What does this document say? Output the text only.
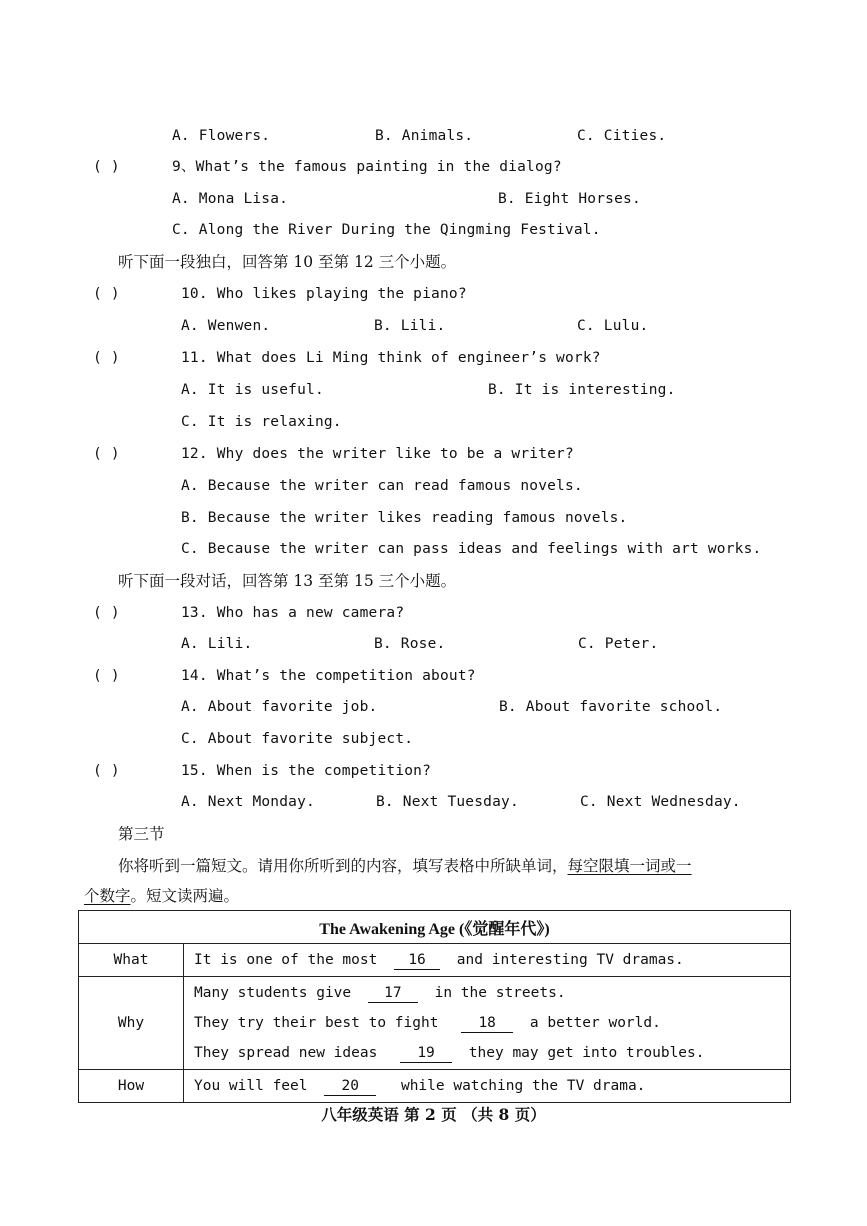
A. Flowers.	B. Animals.	C. Cities.
( )	9、What’s the famous painting in the dialog?
A. Mona Lisa.	B. Eight Horses.
C. Along the River During the Qingming Festival.
听下面一段独白，回答第 10 至第 12 三个小题。
( )	10. Who likes playing the piano?
A. Wenwen.	B. Lili.	C. Lulu.
( )	11. What does Li Ming think of engineer’s work?
A. It is useful.	B. It is interesting.
C. It is relaxing.
( )	12. Why does the writer like to be a writer?
A. Because the writer can read famous novels.
B. Because the writer likes reading famous novels.
C. Because the writer can pass ideas and feelings with art works.
听下面一段对话，回答第 13 至第 15 三个小题。
( )	13. Who has a new camera?
A. Lili.	B. Rose.	C. Peter.
( )	14. What’s the competition about?
A. About favorite job.	B. About favorite school.
C. About favorite subject.
( )	15. When is the competition?
A. Next Monday.	B. Next Tuesday.	C. Next Wednesday.
第三节
你将听到一篇短文。请用你所听到的内容，填写表格中所缺单词，每空限填一词或一
个数字。短文读两遍。
The Awakening Age (《觉醒年代》)	
What	It is one of the most 16 and interesting TV dramas.

Why	Many students give 17 in the streets.
They try their best to fight 18 a better world.
They spread new ideas 19 they may get into troubles.

How	You will feel 20 while watching the TV drama.
八年级英语 第 2 页 （共 8 页）
